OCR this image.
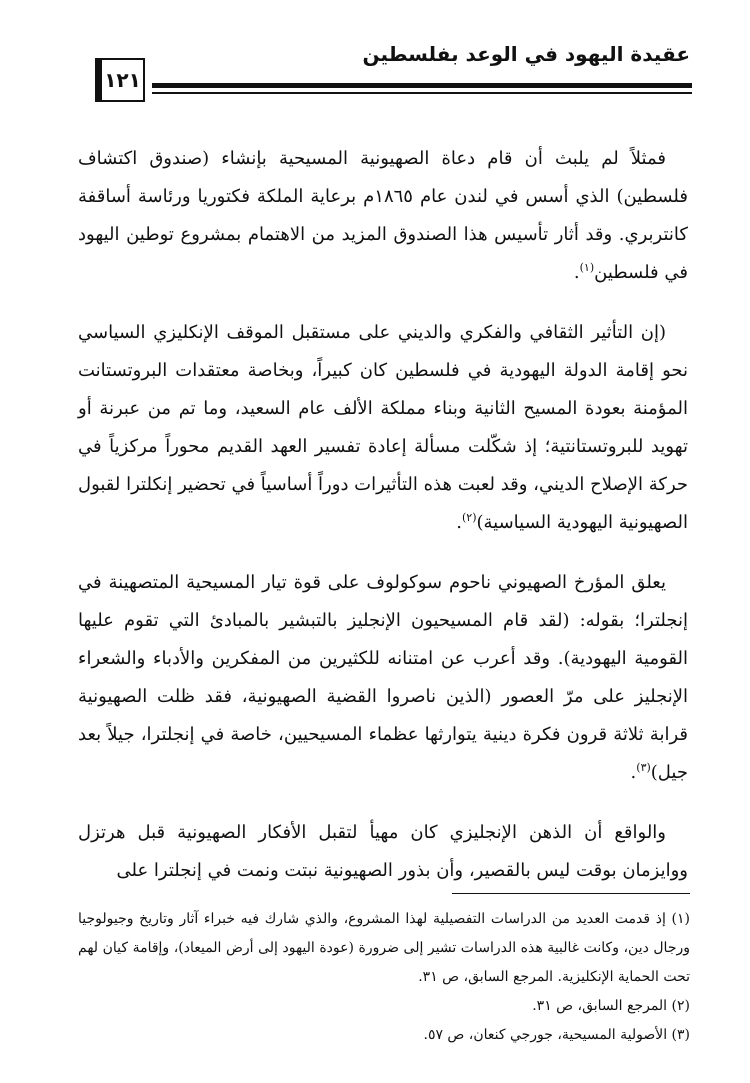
عقيدة اليهود في الوعد بفلسطين
١٢١

فمثلاً لم يلبث أن قام دعاة الصهيونية المسيحية بإنشاء (صندوق اكتشاف فلسطين) الذي أسس في لندن عام ١٨٦٥م برعاية الملكة فكتوريا ورئاسة أساقفة كانتربري. وقد أثار تأسيس هذا الصندوق المزيد من الاهتمام بمشروع توطين اليهود في فلسطين$^{(١)}$.

(إن التأثير الثقافي والفكري والديني على مستقبل الموقف الإنكليزي السياسي نحو إقامة الدولة اليهودية في فلسطين كان كبيراً، وبخاصة معتقدات البروتستانت المؤمنة بعودة المسيح الثانية وبناء مملكة الألف عام السعيد، وما تم من عبرنة أو تهويد للبروتستانتية؛ إذ شكّلت مسألة إعادة تفسير العهد القديم محوراً مركزياً في حركة الإصلاح الديني، وقد لعبت هذه التأثيرات دوراً أساسياً في تحضير إنكلترا لقبول الصهيونية اليهودية السياسية)$^{(٢)}$.

يعلق المؤرخ الصهيوني ناحوم سوكولوف على قوة تيار المسيحية المتصهينة في إنجلترا؛ بقوله: (لقد قام المسيحيون الإنجليز بالتبشير بالمبادئ التي تقوم عليها القومية اليهودية). وقد أعرب عن امتنانه للكثيرين من المفكرين والأدباء والشعراء الإنجليز على مرّ العصور (الذين ناصروا القضية الصهيونية، فقد ظلت الصهيونية قرابة ثلاثة قرون فكرة دينية يتوارثها عظماء المسيحيين، خاصة في إنجلترا، جيلاً بعد جيل)$^{(٣)}$.

والواقع أن الذهن الإنجليزي كان مهيأ لتقبل الأفكار الصهيونية قبل هرتزل ووايزمان بوقت ليس بالقصير، وأن بذور الصهيونية نبتت ونمت في إنجلترا على

(١) إذ قدمت العديد من الدراسات التفصيلية لهذا المشروع، والذي شارك فيه خبراء آثار وتاريخ وجيولوجيا ورجال دين، وكانت غالبية هذه الدراسات تشير إلى ضرورة (عودة اليهود إلى أرض الميعاد)، وإقامة كيان لهم تحت الحماية الإنكليزية. المرجع السابق، ص ٣١.
(٢) المرجع السابق، ص ٣١.
(٣) الأصولية المسيحية، جورجي كنعان، ص ٥٧.
